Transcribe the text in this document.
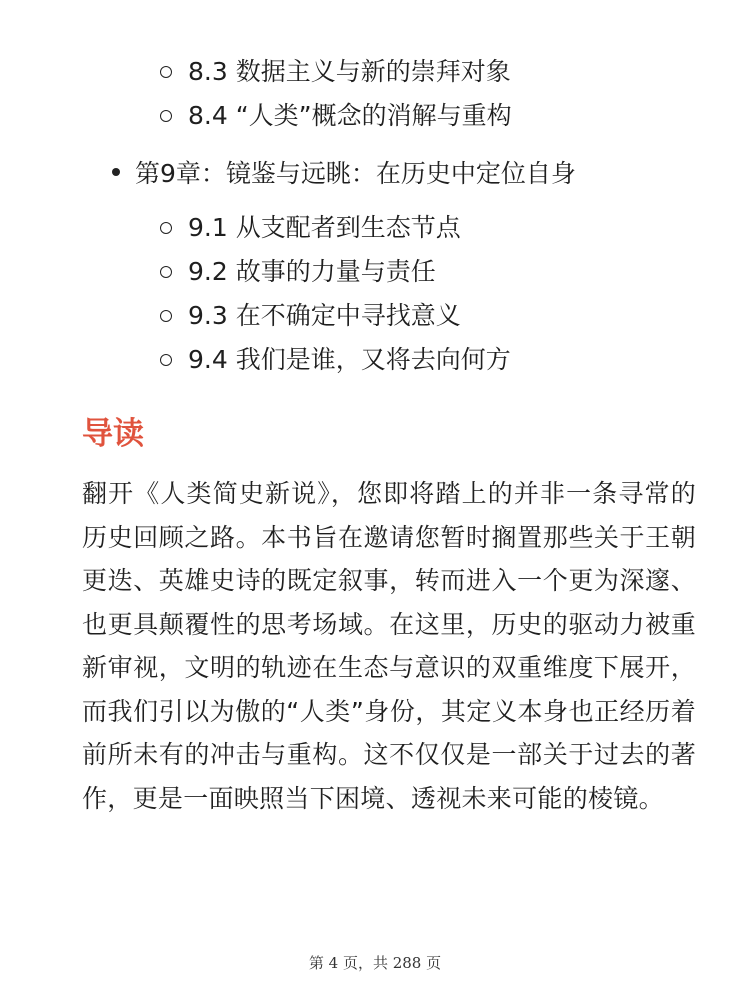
8.3 数据主义与新的崇拜对象
8.4 “人类”概念的消解与重构
第9章：镜鉴与远眺：在历史中定位自身
9.1 从支配者到生态节点
9.2 故事的力量与责任
9.3 在不确定中寻找意义
9.4 我们是谁，又将去向何方
导读

翻开《人类简史新说》，您即将踏上的并非一条寻常的历史回顾之路。本书旨在邀请您暂时搁置那些关于王朝更迭、英雄史诗的既定叙事，转而进入一个更为深邃、也更具颠覆性的思考场域。在这里，历史的驱动力被重新审视，文明的轨迹在生态与意识的双重维度下展开，而我们引以为傲的“人类”身份，其定义本身也正经历着前所未有的冲击与重构。这不仅仅是一部关于过去的著作，更是一面映照当下困境、透视未来可能的棱镜。

第 4 页，共 288 页
